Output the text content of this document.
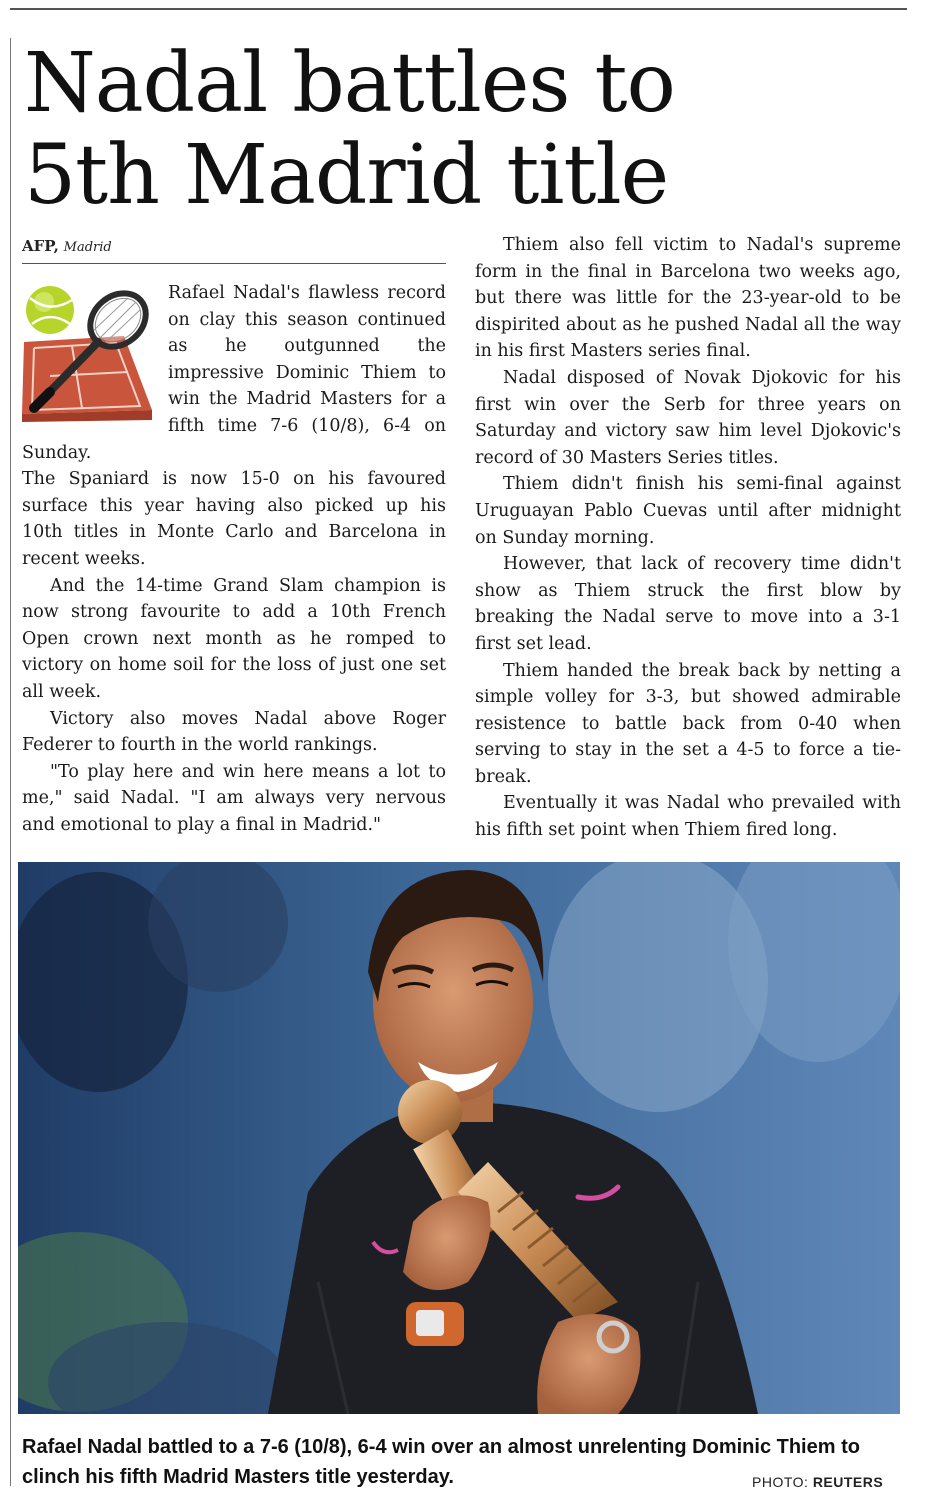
Nadal battles to
5th Madrid title
AFP, Madrid

Rafael Nadal's flawless record on clay this season continued as he outgunned the impressive Dominic Thiem to win the Madrid Masters for a fifth time 7-6 (10/8), 6-4 on Sunday.

The Spaniard is now 15-0 on his favoured surface this year having also picked up his 10th titles in Monte Carlo and Barcelona in recent weeks.

And the 14-time Grand Slam champion is now strong favourite to add a 10th French Open crown next month as he romped to victory on home soil for the loss of just one set all week.

Victory also moves Nadal above Roger Federer to fourth in the world rankings.

"To play here and win here means a lot to me," said Nadal. "I am always very nervous and emotional to play a final in Madrid."

Thiem also fell victim to Nadal's supreme form in the final in Barcelona two weeks ago, but there was little for the 23-year-old to be dispirited about as he pushed Nadal all the way in his first Masters series final.

Nadal disposed of Novak Djokovic for his first win over the Serb for three years on Saturday and victory saw him level Djokovic's record of 30 Masters Series titles.

Thiem didn't finish his semi-final against Uruguayan Pablo Cuevas until after midnight on Sunday morning.

However, that lack of recovery time didn't show as Thiem struck the first blow by breaking the Nadal serve to move into a 3-1 first set lead.

Thiem handed the break back by netting a simple volley for 3-3, but showed admirable resistence to battle back from 0-40 when serving to stay in the set a 4-5 to force a tie-break.

Eventually it was Nadal who prevailed with his fifth set point when Thiem fired long.

Rafael Nadal battled to a 7-6 (10/8), 6-4 win over an almost unrelenting Dominic Thiem to clinch his fifth Madrid Masters title yesterday.	PHOTO: REUTERS
